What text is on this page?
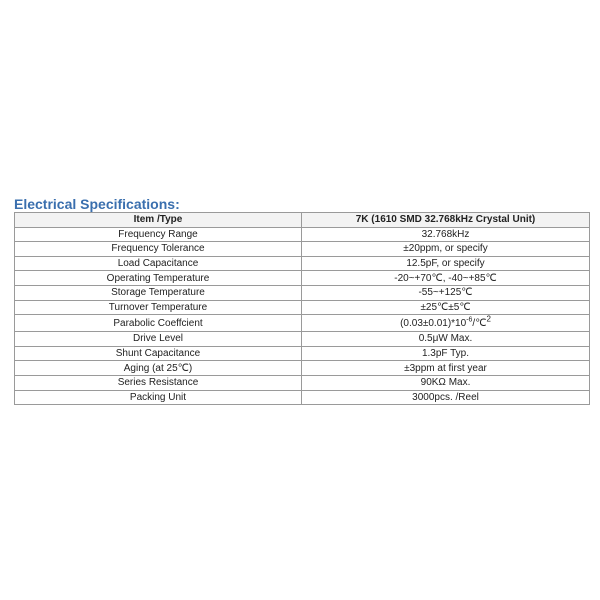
Electrical Specifications:
Item /Type	7K (1610 SMD 32.768kHz Crystal Unit)
Frequency Range	32.768kHz
Frequency Tolerance	±20ppm, or specify
Load Capacitance	12.5pF, or specify
Operating Temperature	-20~+70℃, -40~+85℃
Storage Temperature	-55~+125℃
Turnover Temperature	±25℃±5℃
Parabolic Coeffcient	$(0.03\pm 0.01)*10^{-6}/℃^2$
Drive Level	0.5μW Max.
Shunt Capacitance	1.3pF Typ.
Aging (at 25℃)	±3ppm at first year
Series Resistance	90KΩ Max.
Packing Unit	3000pcs. /Reel
